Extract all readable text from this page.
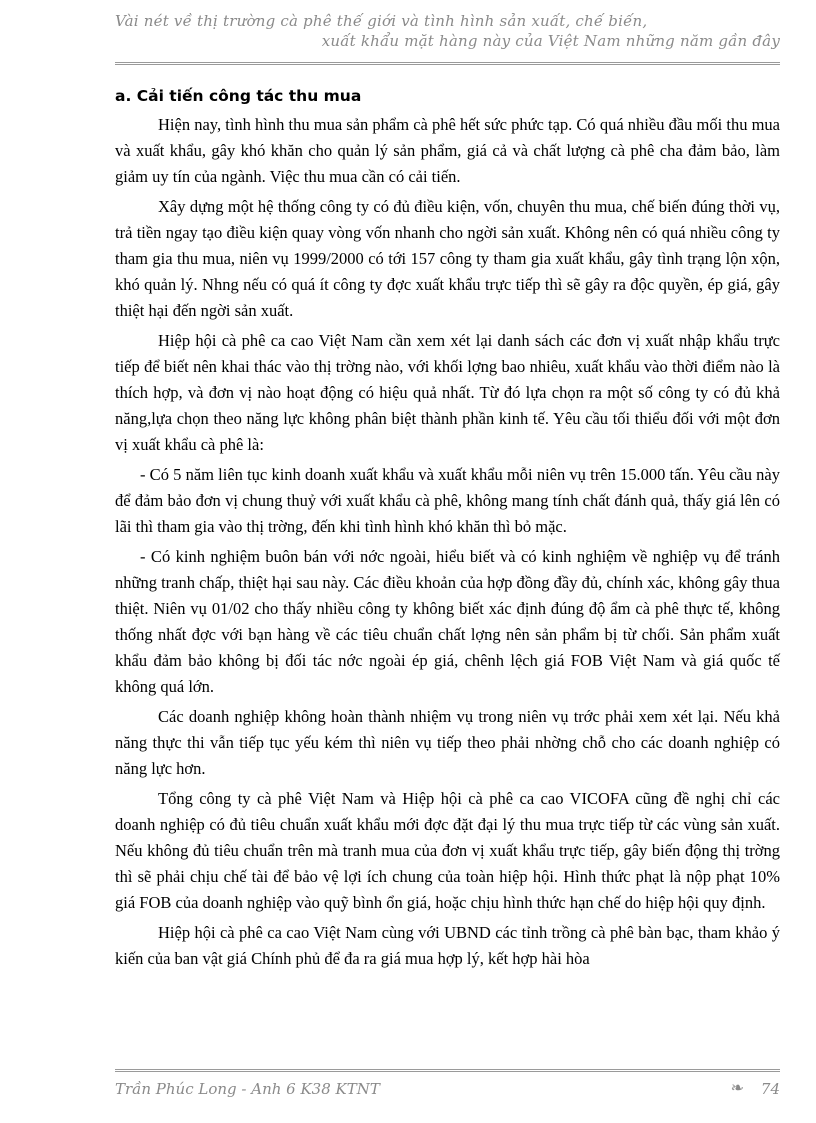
Vài nét về thị trường cà phê thế giới và tình hình sản xuất, chế biến,
xuất khẩu mặt hàng này của Việt Nam những năm gần đây
a. Cải tiến công tác thu mua

Hiện nay, tình hình thu mua sản phẩm cà phê hết sức phức tạp. Có quá nhiều đầu mối thu mua và xuất khẩu, gây khó khăn cho quản lý sản phẩm, giá cả và chất lượng cà phê cha đảm bảo, làm giảm uy tín của ngành. Việc thu mua cần có cải tiến.

Xây dựng một hệ thống công ty có đủ điều kiện, vốn, chuyên thu mua, chế biến đúng thời vụ, trả tiền ngay tạo điều kiện quay vòng vốn nhanh cho ngời sản xuất. Không nên có quá nhiều công ty tham gia thu mua, niên vụ 1999/2000 có tới 157 công ty tham gia xuất khẩu, gây tình trạng lộn xộn, khó quản lý. Nhng nếu có quá ít công ty đợc xuất khẩu trực tiếp thì sẽ gây ra độc quyền, ép giá, gây thiệt hại đến ngời sản xuất.

Hiệp hội cà phê ca cao Việt Nam cần xem xét lại danh sách các đơn vị xuất nhập khẩu trực tiếp để biết nên khai thác vào thị trờng nào, với khối lợng bao nhiêu, xuất khẩu vào thời điểm nào là thích hợp, và đơn vị nào hoạt động có hiệu quả nhất. Từ đó lựa chọn ra một số công ty có đủ khả năng,lựa chọn theo năng lực không phân biệt thành phần kinh tế. Yêu cầu tối thiểu đối với một đơn vị xuất khẩu cà phê là:

- Có 5 năm liên tục kinh doanh xuất khẩu và xuất khẩu mỗi niên vụ trên 15.000 tấn. Yêu cầu này để đảm bảo đơn vị chung thuỷ với xuất khẩu cà phê, không mang tính chất đánh quả, thấy giá lên có lãi thì tham gia vào thị trờng, đến khi tình hình khó khăn thì bỏ mặc.

- Có kinh nghiệm buôn bán với nớc ngoài, hiểu biết và có kinh nghiệm về nghiệp vụ để tránh những tranh chấp, thiệt hại sau này. Các điều khoản của hợp đồng đầy đủ, chính xác, không gây thua thiệt. Niên vụ 01/02 cho thấy nhiều công ty không biết xác định đúng độ ẩm cà phê thực tế, không thống nhất đợc với bạn hàng về các tiêu chuẩn chất lợng nên sản phẩm bị từ chối. Sản phẩm xuất khẩu đảm bảo không bị đối tác nớc ngoài ép giá, chênh lệch giá FOB Việt Nam và giá quốc tế không quá lớn.

Các doanh nghiệp không hoàn thành nhiệm vụ trong niên vụ trớc phải xem xét lại. Nếu khả năng thực thi vẫn tiếp tục yếu kém thì niên vụ tiếp theo phải nhờng chỗ cho các doanh nghiệp có năng lực hơn.

Tổng công ty cà phê Việt Nam và Hiệp hội cà phê ca cao VICOFA cũng đề nghị chỉ các doanh nghiệp có đủ tiêu chuẩn xuất khẩu mới đợc đặt đại lý thu mua trực tiếp từ các vùng sản xuất. Nếu không đủ tiêu chuẩn trên mà tranh mua của đơn vị xuất khẩu trực tiếp, gây biến động thị trờng thì sẽ phải chịu chế tài để bảo vệ lợi ích chung của toàn hiệp hội. Hình thức phạt là nộp phạt 10% giá FOB của doanh nghiệp vào quỹ bình ổn giá, hoặc chịu hình thức hạn chế do hiệp hội quy định.

Hiệp hội cà phê ca cao Việt Nam cùng với UBND các tỉnh trồng cà phê bàn bạc, tham khảo ý kiến của ban vật giá Chính phủ để đa ra giá mua hợp lý, kết hợp hài hòa

Trần Phúc Long - Anh 6 K38 KTNT	❧ 74
